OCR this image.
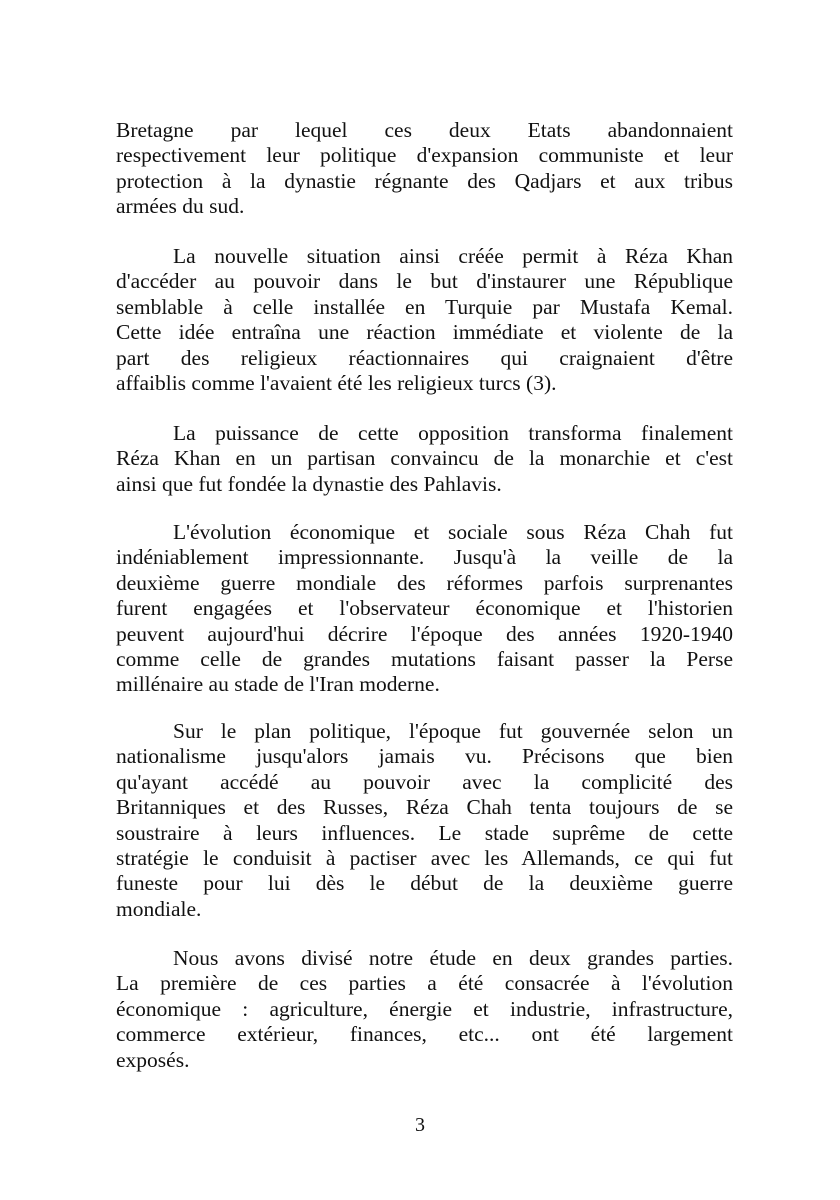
Bretagne par lequel ces deux Etats abandonnaient
respectivement leur politique d'expansion communiste et leur
protection à la dynastie régnante des Qadjars et aux tribus
armées du sud.
La nouvelle situation ainsi créée permit à Réza Khan
d'accéder au pouvoir dans le but d'instaurer une République
semblable à celle installée en Turquie par Mustafa Kemal.
Cette idée entraîna une réaction immédiate et violente de la
part des religieux réactionnaires qui craignaient d'être
affaiblis comme l'avaient été les religieux turcs (3).
La puissance de cette opposition transforma finalement
Réza Khan en un partisan convaincu de la monarchie et c'est
ainsi que fut fondée la dynastie des Pahlavis.
L'évolution économique et sociale sous Réza Chah fut
indéniablement impressionnante. Jusqu'à la veille de la
deuxième guerre mondiale des réformes parfois surprenantes
furent engagées et l'observateur économique et l'historien
peuvent aujourd'hui décrire l'époque des années 1920-1940
comme celle de grandes mutations faisant passer la Perse
millénaire au stade de l'Iran moderne.
Sur le plan politique, l'époque fut gouvernée selon un
nationalisme jusqu'alors jamais vu. Précisons que bien
qu'ayant accédé au pouvoir avec la complicité des
Britanniques et des Russes, Réza Chah tenta toujours de se
soustraire à leurs influences. Le stade suprême de cette
stratégie le conduisit à pactiser avec les Allemands, ce qui fut
funeste pour lui dès le début de la deuxième guerre
mondiale.
Nous avons divisé notre étude en deux grandes parties.
La première de ces parties a été consacrée à l'évolution
économique : agriculture, énergie et industrie, infrastructure,
commerce extérieur, finances, etc... ont été largement
exposés.
3
